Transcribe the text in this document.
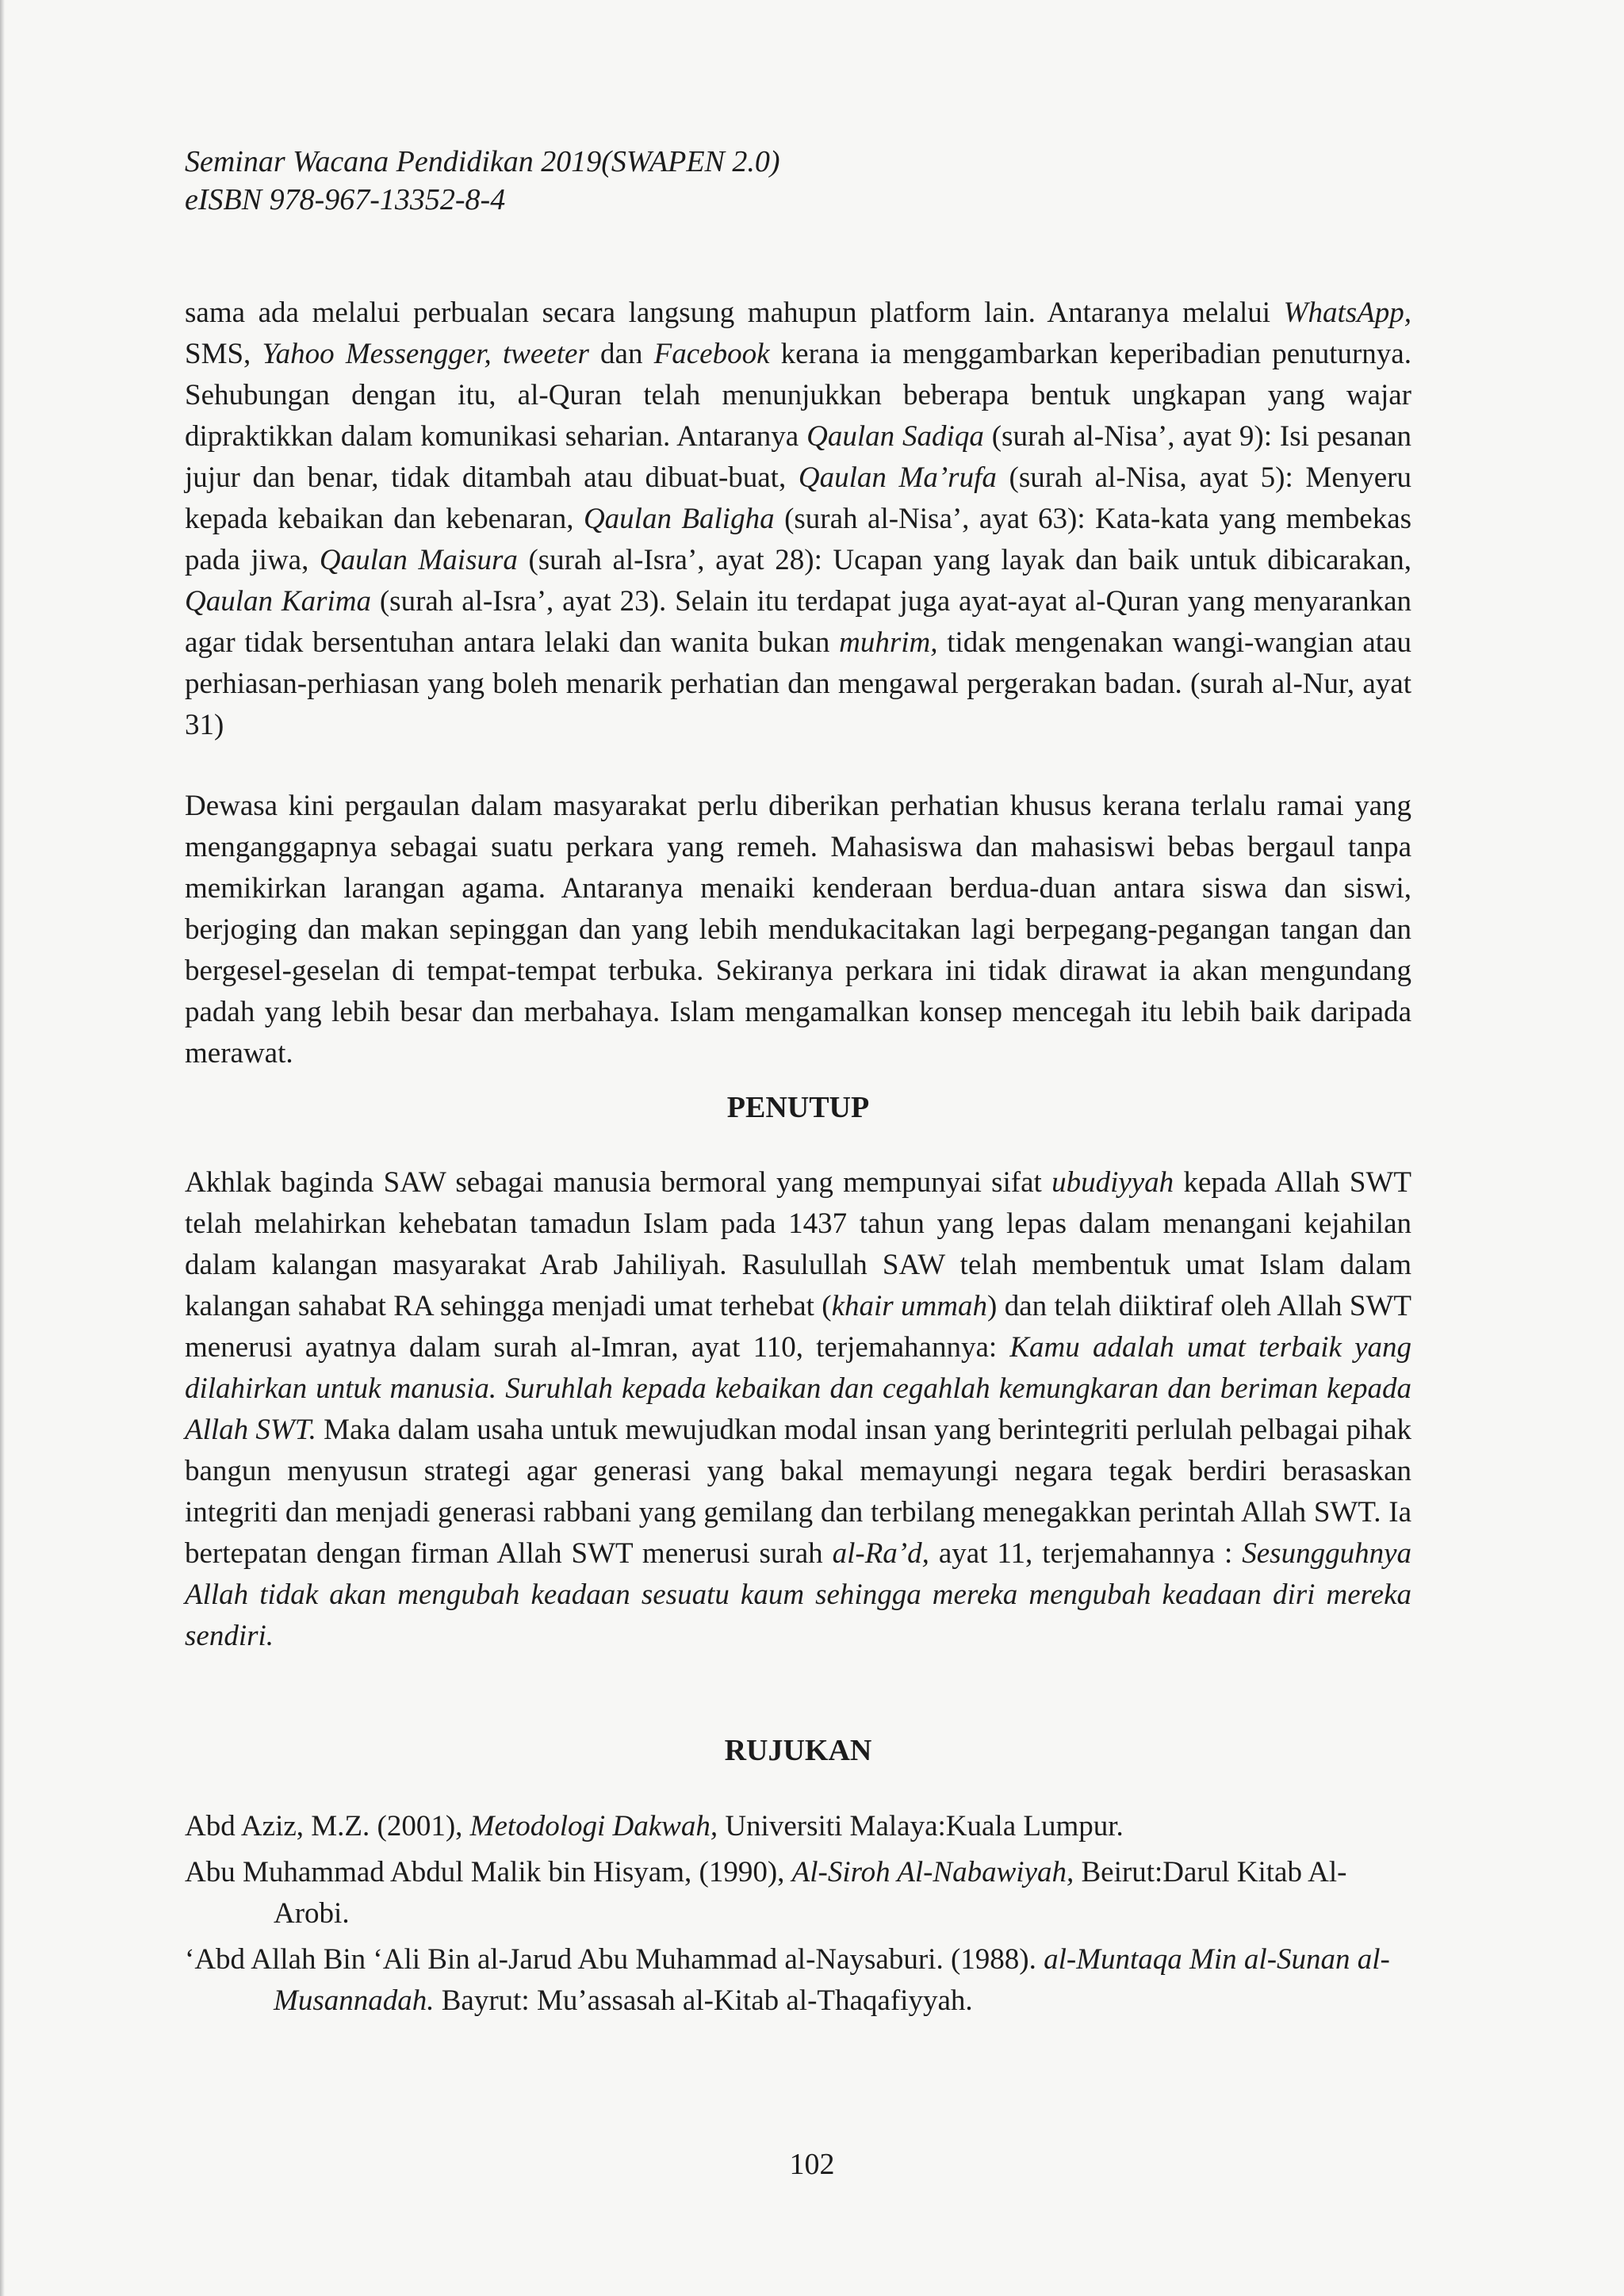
Seminar Wacana Pendidikan 2019(SWAPEN 2.0)
eISBN 978-967-13352-8-4

sama ada melalui perbualan secara langsung mahupun platform lain. Antaranya melalui WhatsApp, SMS, Yahoo Messengger, tweeter dan Facebook kerana ia menggambarkan keperibadian penuturnya. Sehubungan dengan itu, al-Quran telah menunjukkan beberapa bentuk ungkapan yang wajar dipraktikkan dalam komunikasi seharian. Antaranya Qaulan Sadiqa (surah al-Nisa’, ayat 9): Isi pesanan jujur dan benar, tidak ditambah atau dibuat-buat, Qaulan Ma’rufa (surah al-Nisa, ayat 5): Menyeru kepada kebaikan dan kebenaran, Qaulan Baligha (surah al-Nisa’, ayat 63): Kata-kata yang membekas pada jiwa, Qaulan Maisura (surah al-Isra’, ayat 28): Ucapan yang layak dan baik untuk dibicarakan, Qaulan Karima (surah al-Isra’, ayat 23). Selain itu terdapat juga ayat-ayat al-Quran yang menyarankan agar tidak bersentuhan antara lelaki dan wanita bukan muhrim, tidak mengenakan wangi-wangian atau perhiasan-perhiasan yang boleh menarik perhatian dan mengawal pergerakan badan. (surah al-Nur, ayat 31)

Dewasa kini pergaulan dalam masyarakat perlu diberikan perhatian khusus kerana terlalu ramai yang menganggapnya sebagai suatu perkara yang remeh. Mahasiswa dan mahasiswi bebas bergaul tanpa memikirkan larangan agama. Antaranya menaiki kenderaan berdua-duan antara siswa dan siswi, berjoging dan makan sepinggan dan yang lebih mendukacitakan lagi berpegang-pegangan tangan dan bergesel-geselan di tempat-tempat terbuka. Sekiranya perkara ini tidak dirawat ia akan mengundang padah yang lebih besar dan merbahaya. Islam mengamalkan konsep mencegah itu lebih baik daripada merawat.

PENUTUP

Akhlak baginda SAW sebagai manusia bermoral yang mempunyai sifat ubudiyyah kepada Allah SWT telah melahirkan kehebatan tamadun Islam pada 1437 tahun yang lepas dalam menangani kejahilan dalam kalangan masyarakat Arab Jahiliyah. Rasulullah SAW telah membentuk umat Islam dalam kalangan sahabat RA sehingga menjadi umat terhebat (khair ummah) dan telah diiktiraf oleh Allah SWT menerusi ayatnya dalam surah al-Imran, ayat 110, terjemahannya: Kamu adalah umat terbaik yang dilahirkan untuk manusia. Suruhlah kepada kebaikan dan cegahlah kemungkaran dan beriman kepada Allah SWT. Maka dalam usaha untuk mewujudkan modal insan yang berintegriti perlulah pelbagai pihak bangun menyusun strategi agar generasi yang bakal memayungi negara tegak berdiri berasaskan integriti dan menjadi generasi rabbani yang gemilang dan terbilang menegakkan perintah Allah SWT. Ia bertepatan dengan firman Allah SWT menerusi surah al-Ra’d, ayat 11, terjemahannya : Sesungguhnya Allah tidak akan mengubah keadaan sesuatu kaum sehingga mereka mengubah keadaan diri mereka sendiri.

RUJUKAN
Abd Aziz, M.Z. (2001), Metodologi Dakwah, Universiti Malaya:Kuala Lumpur.
Abu Muhammad Abdul Malik bin Hisyam, (1990), Al-Siroh Al-Nabawiyah, Beirut:Darul Kitab Al-Arobi.
‘Abd Allah Bin ‘Ali Bin al-Jarud Abu Muhammad al-Naysaburi. (1988). al-Muntaqa Min al-Sunan al-Musannadah. Bayrut: Mu’assasah al-Kitab al-Thaqafiyyah.
102
